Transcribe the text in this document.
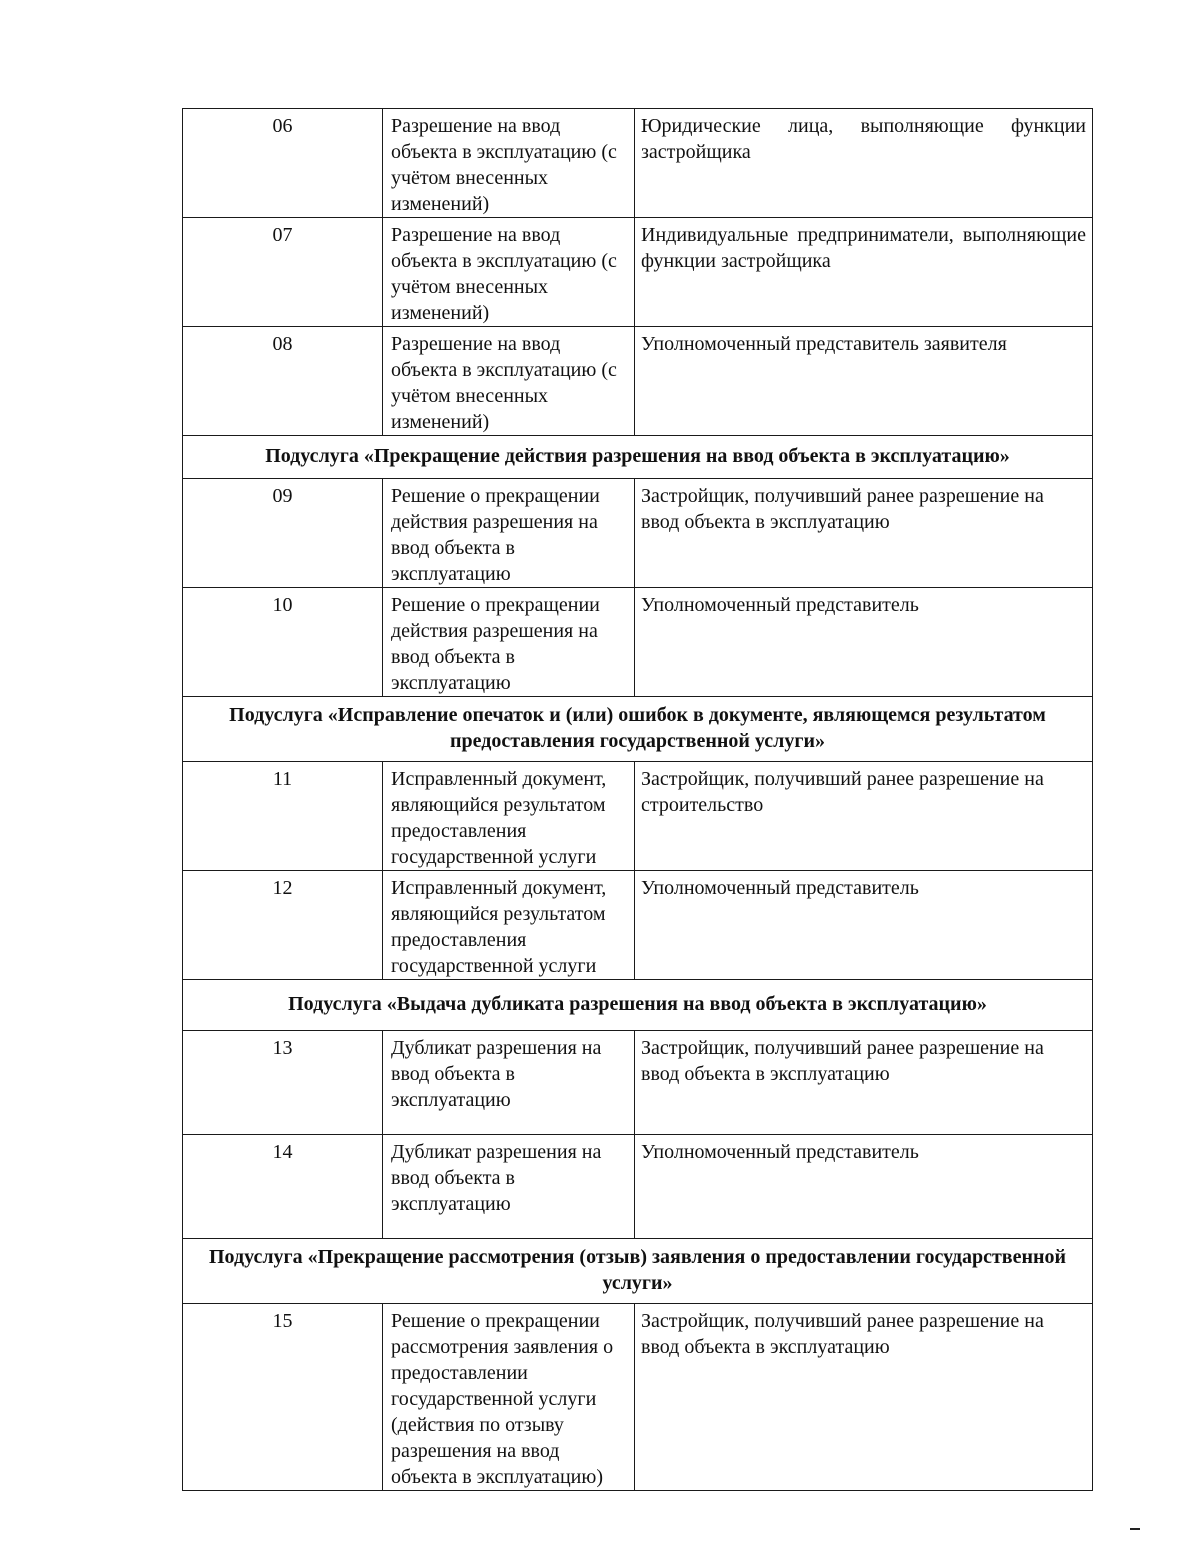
06	Разрешение на ввод объекта в эксплуатацию (с учётом внесенных изменений)	Юридические лица, выполняющие функции застройщика
07	Разрешение на ввод объекта в эксплуатацию (с учётом внесенных изменений)	Индивидуальные предприниматели, выполняющие функции застройщика
08	Разрешение на ввод объекта в эксплуатацию (с учётом внесенных изменений)	Уполномоченный представитель заявителя
Подуслуга «Прекращение действия разрешения на ввод объекта в эксплуатацию»		
09	Решение о прекращении действия разрешения на ввод объекта в эксплуатацию	Застройщик, получивший ранее разрешение на ввод объекта в эксплуатацию
10	Решение о прекращении действия разрешения на ввод объекта в эксплуатацию	Уполномоченный представитель
Подуслуга «Исправление опечаток и (или) ошибок в документе, являющемся результатом предоставления государственной услуги»		
11	Исправленный документ, являющийся результатом предоставления государственной услуги	Застройщик, получивший ранее разрешение на строительство
12	Исправленный документ, являющийся результатом предоставления государственной услуги	Уполномоченный представитель
Подуслуга «Выдача дубликата разрешения на ввод объекта в эксплуатацию»		
13	Дубликат разрешения на ввод объекта в эксплуатацию	Застройщик, получивший ранее разрешение на ввод объекта в эксплуатацию
14	Дубликат разрешения на ввод объекта в эксплуатацию	Уполномоченный представитель
Подуслуга «Прекращение рассмотрения (отзыв) заявления о предоставлении государственной услуги»		
15	Решение о прекращении рассмотрения заявления о предоставлении государственной услуги (действия по отзыву разрешения на ввод объекта в эксплуатацию)	Застройщик, получивший ранее разрешение на ввод объекта в эксплуатацию
